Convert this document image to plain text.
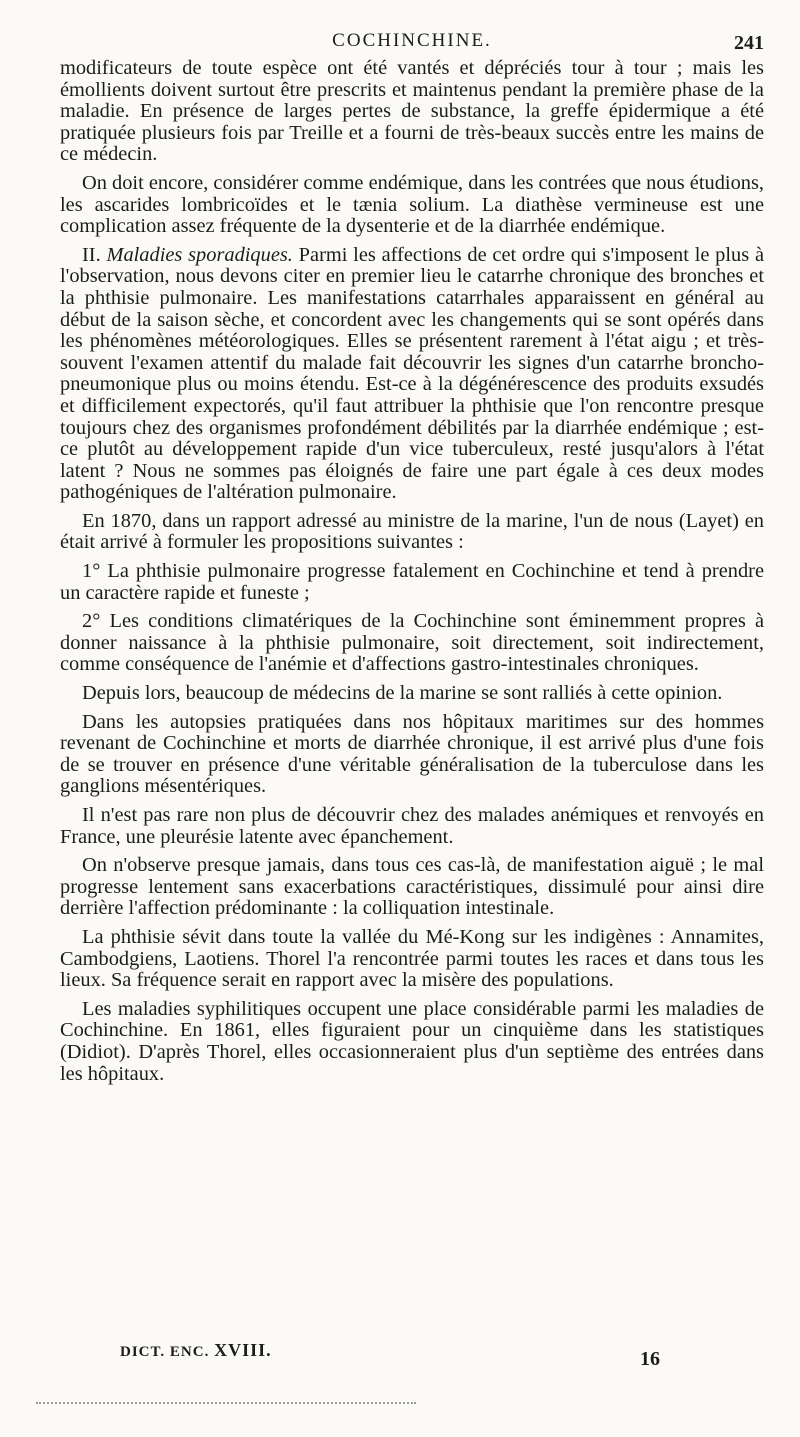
COCHINCHINE.	241

modificateurs de toute espèce ont été vantés et dépréciés tour à tour ; mais les émollients doivent surtout être prescrits et maintenus pendant la première phase de la maladie. En présence de larges pertes de substance, la greffe épidermique a été pratiquée plusieurs fois par Treille et a fourni de très-beaux succès entre les mains de ce médecin.

On doit encore, considérer comme endémique, dans les contrées que nous étudions, les ascarides lombricoïdes et le tænia solium. La diathèse vermineuse est une complication assez fréquente de la dysenterie et de la diarrhée endémique.

II. Maladies sporadiques. Parmi les affections de cet ordre qui s'imposent le plus à l'observation, nous devons citer en premier lieu le catarrhe chronique des bronches et la phthisie pulmonaire. Les manifestations catarrhales apparaissent en général au début de la saison sèche, et concordent avec les changements qui se sont opérés dans les phénomènes météorologiques. Elles se présentent rarement à l'état aigu ; et très-souvent l'examen attentif du malade fait découvrir les signes d'un catarrhe broncho-pneumonique plus ou moins étendu. Est-ce à la dégénérescence des produits exsudés et difficilement expectorés, qu'il faut attribuer la phthisie que l'on rencontre presque toujours chez des organismes profondément débilités par la diarrhée endémique ; est-ce plutôt au développement rapide d'un vice tuberculeux, resté jusqu'alors à l'état latent ? Nous ne sommes pas éloignés de faire une part égale à ces deux modes pathogéniques de l'altération pulmonaire.

En 1870, dans un rapport adressé au ministre de la marine, l'un de nous (Layet) en était arrivé à formuler les propositions suivantes :

1° La phthisie pulmonaire progresse fatalement en Cochinchine et tend à prendre un caractère rapide et funeste ;

2° Les conditions climatériques de la Cochinchine sont éminemment propres à donner naissance à la phthisie pulmonaire, soit directement, soit indirectement, comme conséquence de l'anémie et d'affections gastro-intestinales chroniques.

Depuis lors, beaucoup de médecins de la marine se sont ralliés à cette opinion.

Dans les autopsies pratiquées dans nos hôpitaux maritimes sur des hommes revenant de Cochinchine et morts de diarrhée chronique, il est arrivé plus d'une fois de se trouver en présence d'une véritable généralisation de la tuberculose dans les ganglions mésentériques.

Il n'est pas rare non plus de découvrir chez des malades anémiques et renvoyés en France, une pleurésie latente avec épanchement.

On n'observe presque jamais, dans tous ces cas-là, de manifestation aiguë ; le mal progresse lentement sans exacerbations caractéristiques, dissimulé pour ainsi dire derrière l'affection prédominante : la colliquation intestinale.

La phthisie sévit dans toute la vallée du Mé-Kong sur les indigènes : Annamites, Cambodgiens, Laotiens. Thorel l'a rencontrée parmi toutes les races et dans tous les lieux. Sa fréquence serait en rapport avec la misère des populations.

Les maladies syphilitiques occupent une place considérable parmi les maladies de Cochinchine. En 1861, elles figuraient pour un cinquième dans les statistiques (Didiot). D'après Thorel, elles occasionneraient plus d'un septième des entrées dans les hôpitaux.

DICT. ENC. XVIII.	16
